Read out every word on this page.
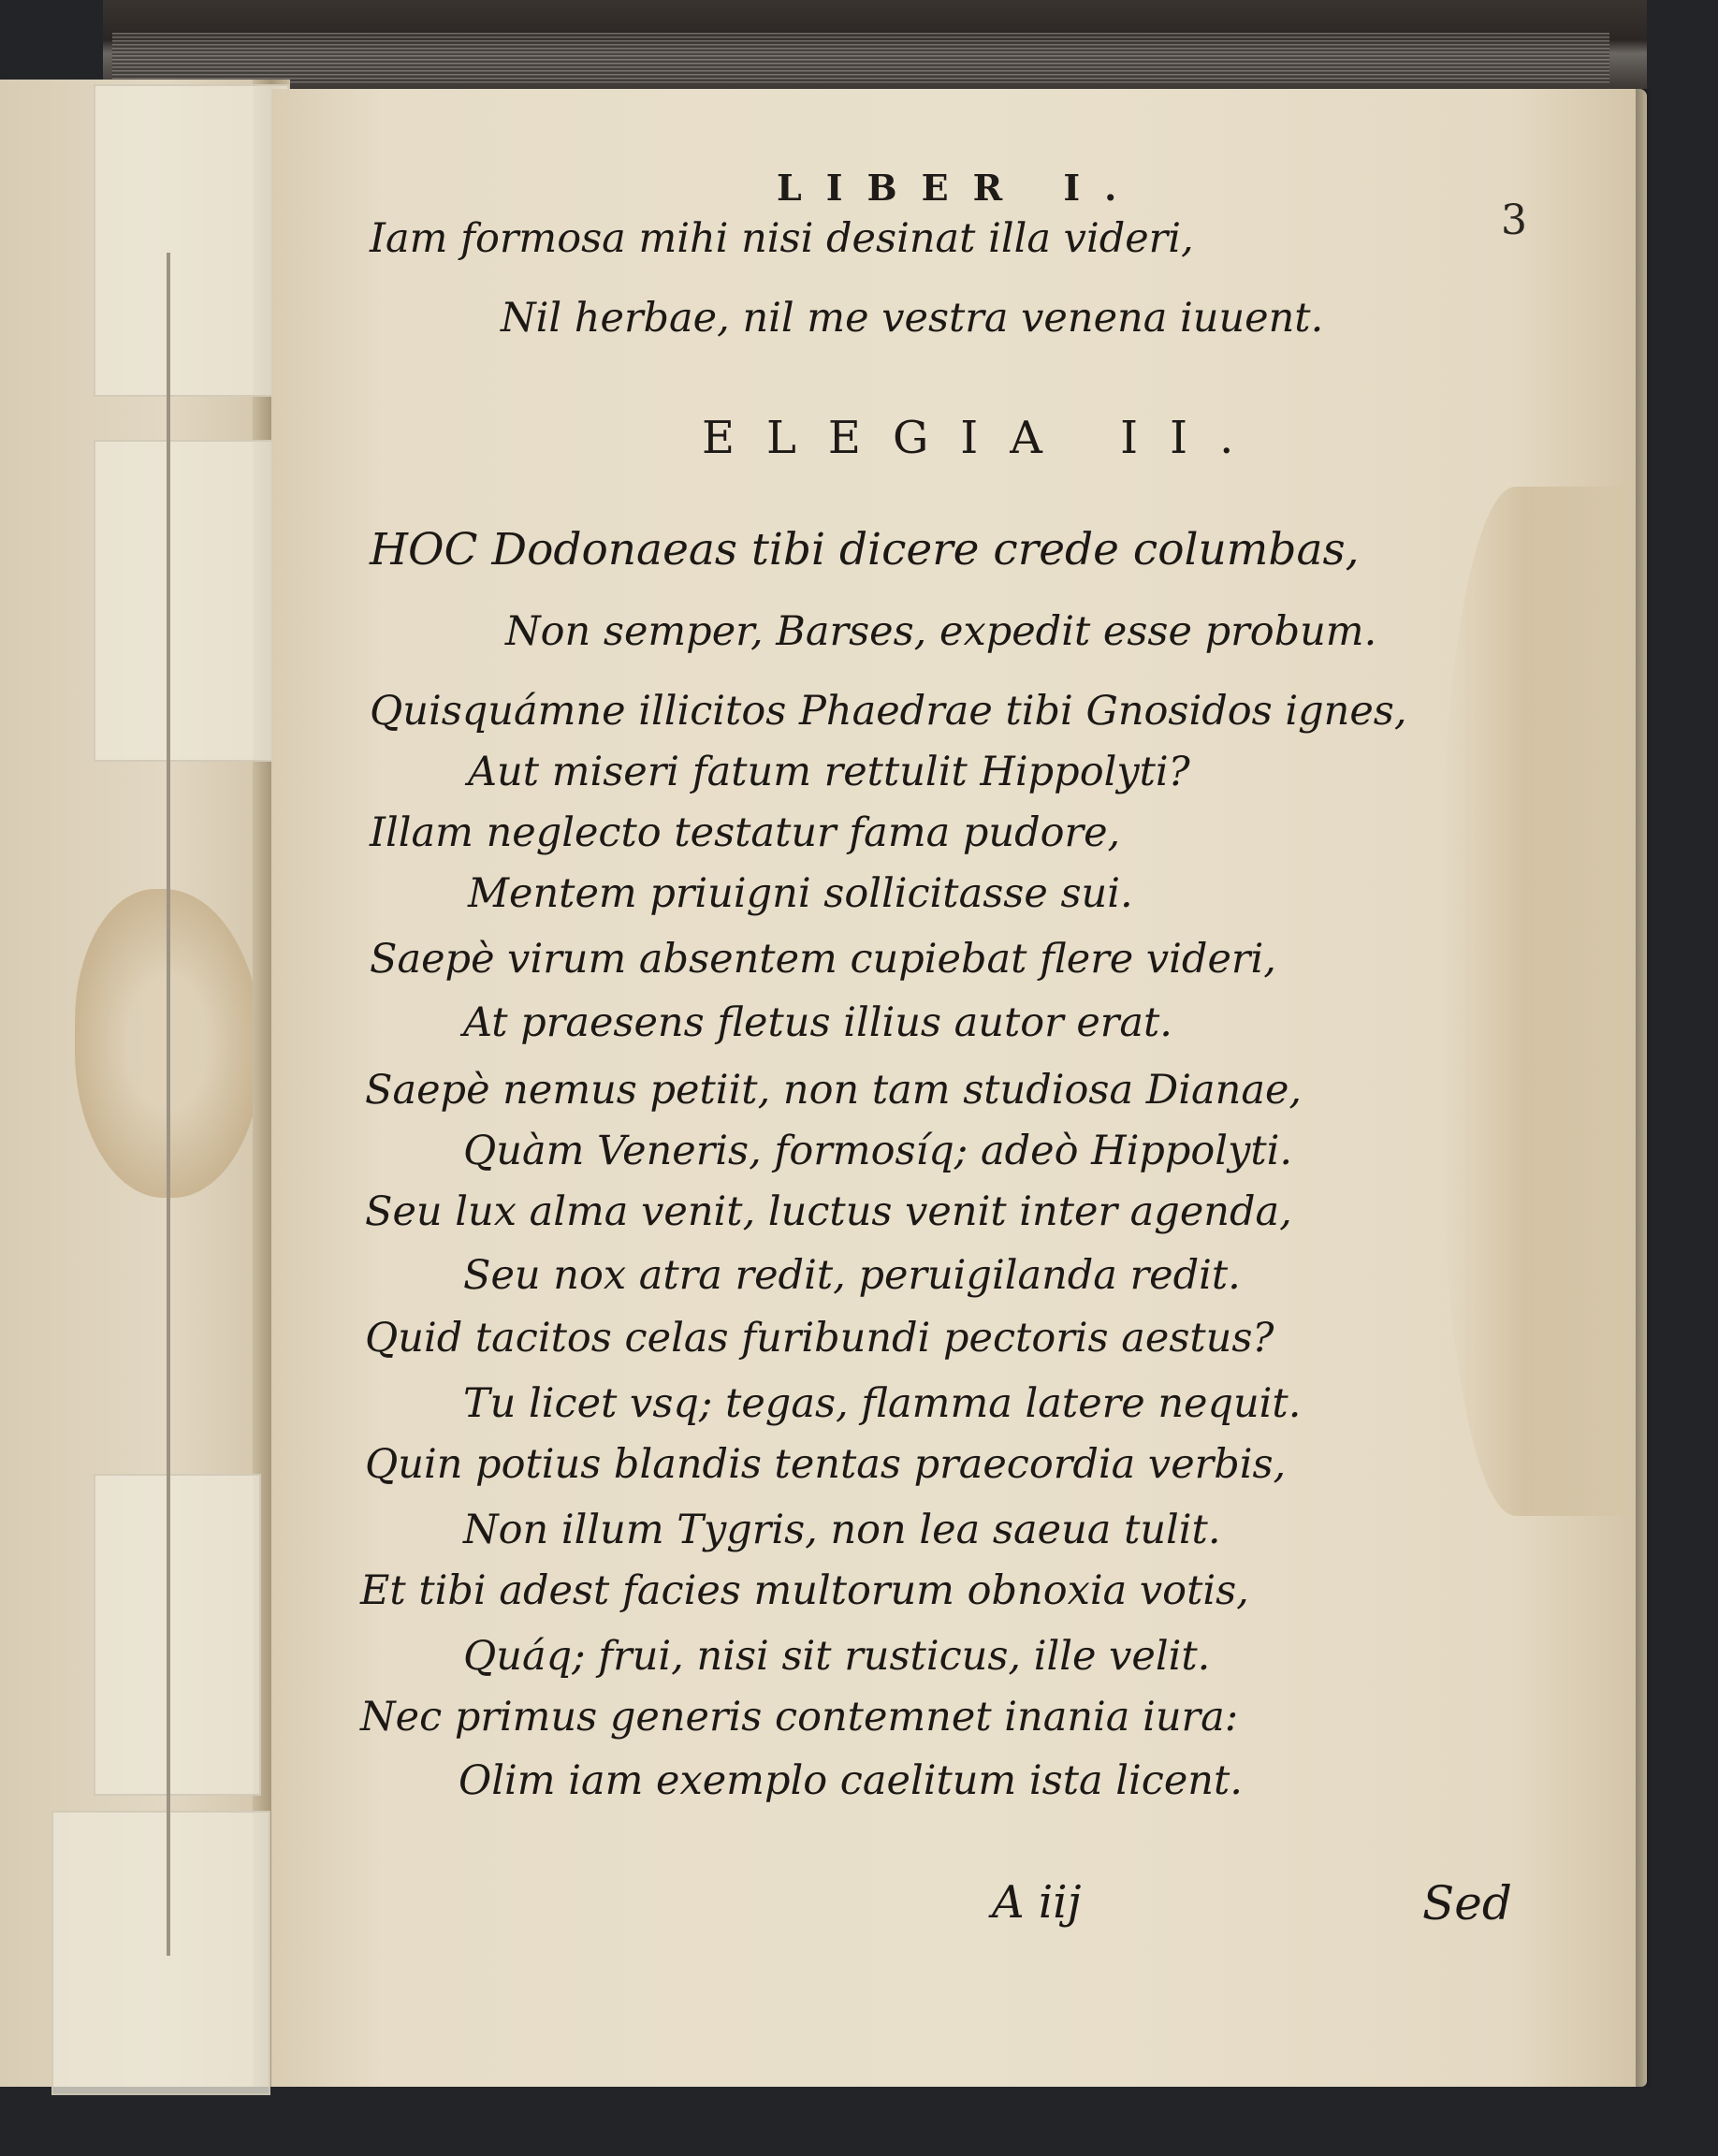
LIBER I.
3
Iam formosa mihi nisi desinat illa videri,
Nil herbae, nil me vestra venena iuuent.
ELEGIA II.
HOC Dodonaeas tibi dicere crede columbas,
Non semper, Barses, expedit esse probum.
Quisquámne illicitos Phaedrae tibi Gnosidos ignes,
Aut miseri fatum rettulit Hippolyti?
Illam neglecto testatur fama pudore,
Mentem priuigni sollicitasse sui.
Saepè virum absentem cupiebat flere videri,
At praesens fletus illius autor erat.
Saepè nemus petiit, non tam studiosa Dianae,
Quàm Veneris, formosíq; adeò Hippolyti.
Seu lux alma venit, luctus venit inter agenda,
Seu nox atra redit, peruigilanda redit.
Quid tacitos celas furibundi pectoris aestus?
Tu licet vsq; tegas, flamma latere nequit.
Quin potius blandis tentas praecordia verbis,
Non illum Tygris, non lea saeua tulit.
Et tibi adest facies multorum obnoxia votis,
Quáq; frui, nisi sit rusticus, ille velit.
Nec primus generis contemnet inania iura:
Olim iam exemplo caelitum ista licent.
A iij	Sed
